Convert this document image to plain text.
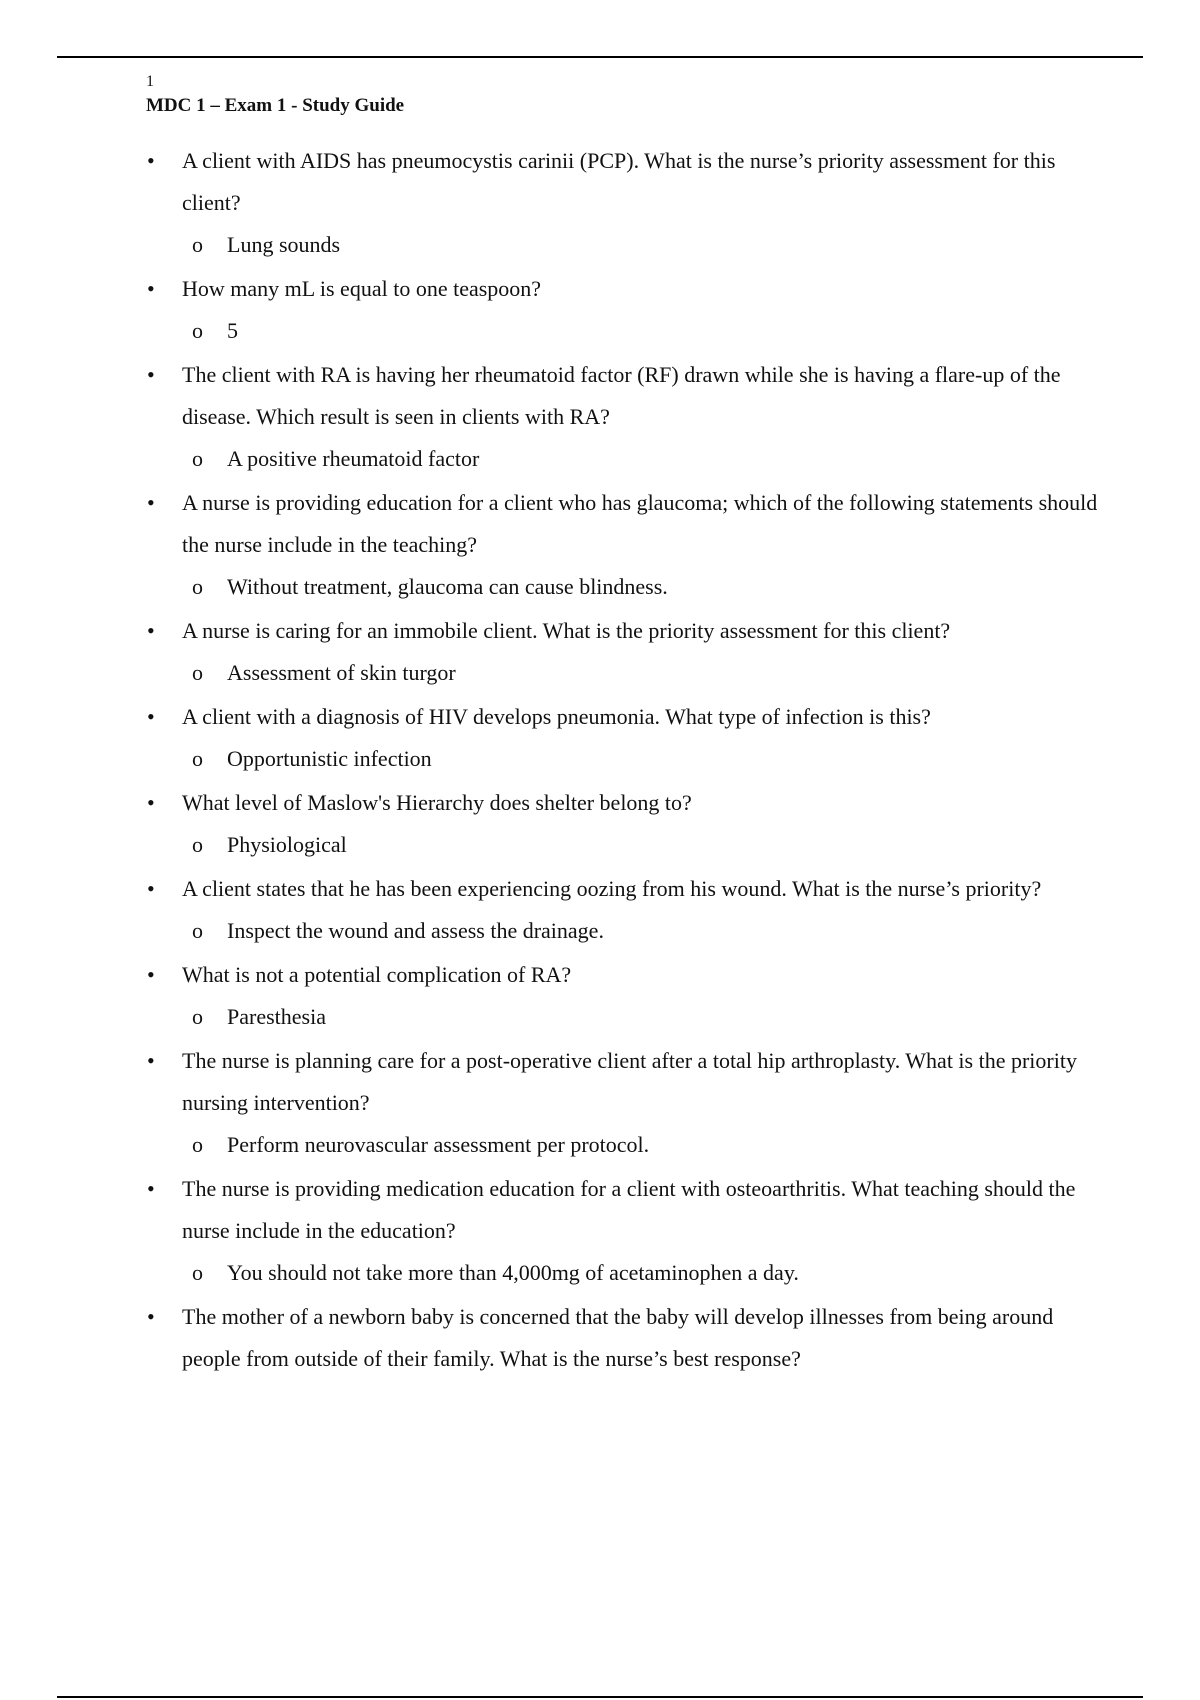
1
MDC 1 – Exam 1 - Study Guide
• A client with AIDS has pneumocystis carinii (PCP). What is the nurse’s priority assessment for this client?
o Lung sounds
• How many mL is equal to one teaspoon?
o 5
• The client with RA is having her rheumatoid factor (RF) drawn while she is having a flare-up of the disease. Which result is seen in clients with RA?
o A positive rheumatoid factor
• A nurse is providing education for a client who has glaucoma; which of the following statements should the nurse include in the teaching?
o Without treatment, glaucoma can cause blindness.
• A nurse is caring for an immobile client. What is the priority assessment for this client?
o Assessment of skin turgor
• A client with a diagnosis of HIV develops pneumonia. What type of infection is this?
o Opportunistic infection
• What level of Maslow's Hierarchy does shelter belong to?
o Physiological
• A client states that he has been experiencing oozing from his wound. What is the nurse’s priority?
o Inspect the wound and assess the drainage.
• What is not a potential complication of RA?
o Paresthesia
• The nurse is planning care for a post-operative client after a total hip arthroplasty. What is the priority nursing intervention?
o Perform neurovascular assessment per protocol.
• The nurse is providing medication education for a client with osteoarthritis. What teaching should the nurse include in the education?
o You should not take more than 4,000mg of acetaminophen a day.
• The mother of a newborn baby is concerned that the baby will develop illnesses from being around people from outside of their family. What is the nurse’s best response?
